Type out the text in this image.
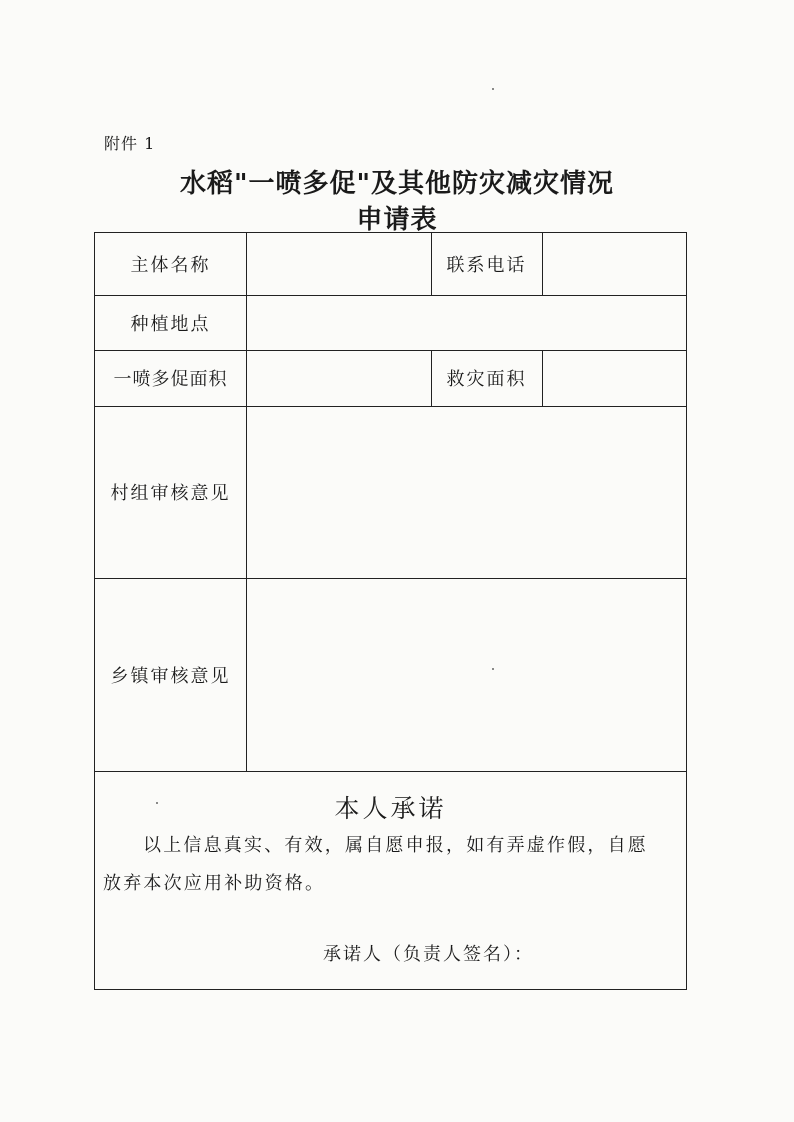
附件 1
水稻"一喷多促"及其他防灾减灾情况
申请表
主体名称	联系电话
种植地点
一喷多促面积	救灾面积
村组审核意见
乡镇审核意见
本人承诺
以上信息真实、有效，属自愿申报，如有弄虚作假，自愿
放弃本次应用补助资格。
承诺人（负责人签名）：
